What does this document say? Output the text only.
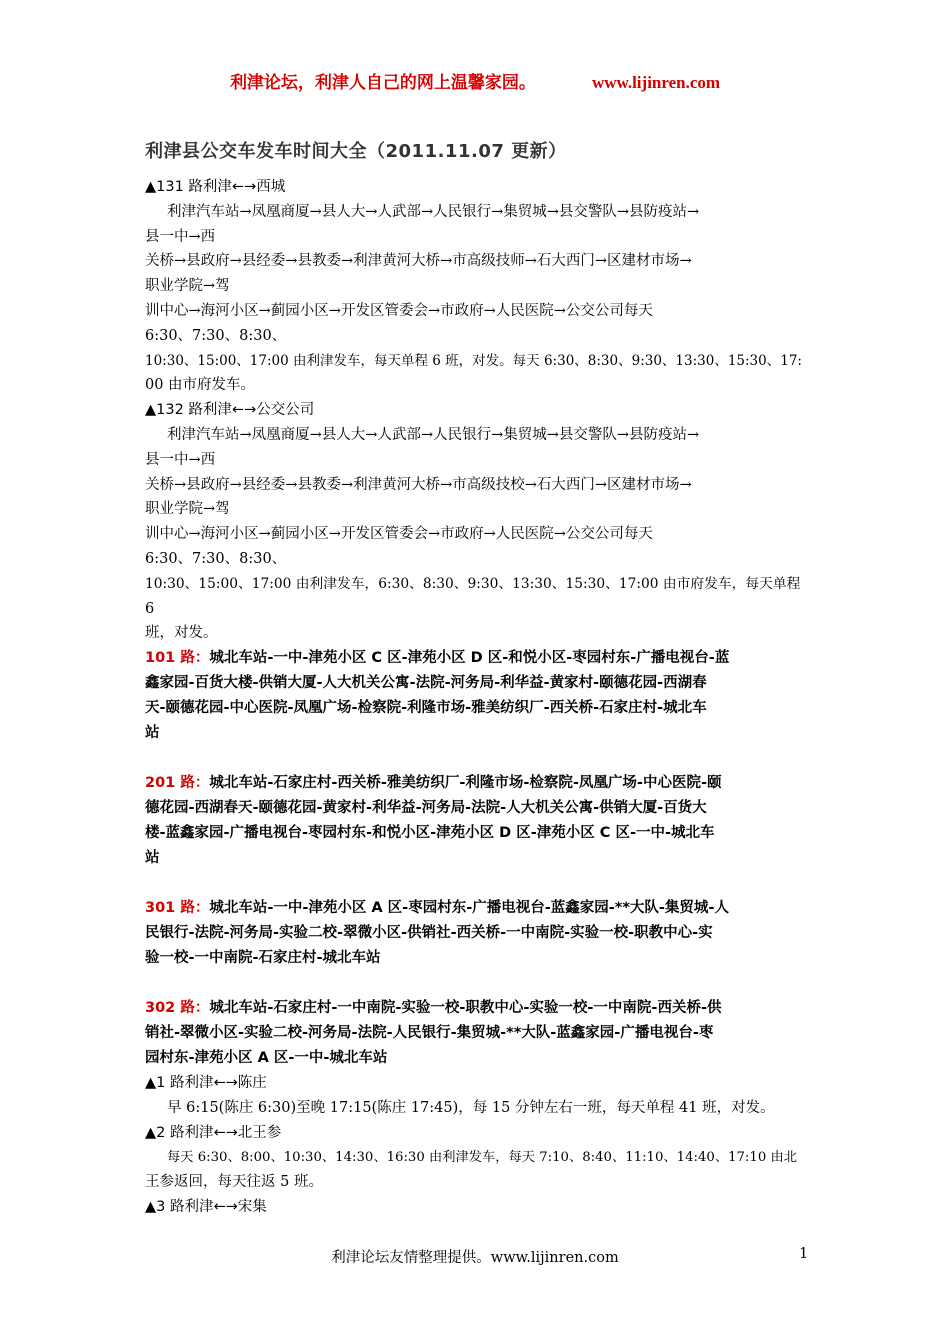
利津论坛，利津人自己的网上温馨家园。	www.lijinren.com
利津县公交车发车时间大全（2011.11.07 更新）
▲131 路利津←→西城
利津汽车站→凤凰商厦→县人大→人武部→人民银行→集贸城→县交警队→县防疫站→
县一中→西
关桥→县政府→县经委→县教委→利津黄河大桥→市高级技师→石大西门→区建材市场→
职业学院→驾
训中心→海河小区→蓟园小区→开发区管委会→市政府→人民医院→公交公司每天
6:30、7:30、8:30、
10:30、15:00、17:00 由利津发车，每天单程 6 班，对发。每天 6:30、8:30、9:30、13:30、15:30、17:
00 由市府发车。
▲132 路利津←→公交公司
利津汽车站→凤凰商厦→县人大→人武部→人民银行→集贸城→县交警队→县防疫站→
县一中→西
关桥→县政府→县经委→县教委→利津黄河大桥→市高级技校→石大西门→区建材市场→
职业学院→驾
训中心→海河小区→蓟园小区→开发区管委会→市政府→人民医院→公交公司每天
6:30、7:30、8:30、
10:30、15:00、17:00 由利津发车，6:30、8:30、9:30、13:30、15:30、17:00 由市府发车，每天单程
6
班，对发。
101 路：城北车站-一中-津苑小区 C 区-津苑小区 D 区-和悦小区-枣园村东-广播电视台-蓝
鑫家园-百货大楼-供销大厦-人大机关公寓-法院-河务局-利华益-黄家村-颐德花园-西湖春
天-颐德花园-中心医院-凤凰广场-检察院-利隆市场-雅美纺织厂-西关桥-石家庄村-城北车
站
201 路：城北车站-石家庄村-西关桥-雅美纺织厂-利隆市场-检察院-凤凰广场-中心医院-颐
德花园-西湖春天-颐德花园-黄家村-利华益-河务局-法院-人大机关公寓-供销大厦-百货大
楼-蓝鑫家园-广播电视台-枣园村东-和悦小区-津苑小区 D 区-津苑小区 C 区-一中-城北车
站
301 路：城北车站-一中-津苑小区 A 区-枣园村东-广播电视台-蓝鑫家园-**大队-集贸城-人
民银行-法院-河务局-实验二校-翠微小区-供销社-西关桥-一中南院-实验一校-职教中心-实
验一校-一中南院-石家庄村-城北车站
302 路：城北车站-石家庄村-一中南院-实验一校-职教中心-实验一校-一中南院-西关桥-供
销社-翠微小区-实验二校-河务局-法院-人民银行-集贸城-**大队-蓝鑫家园-广播电视台-枣
园村东-津苑小区 A 区-一中-城北车站
▲1 路利津←→陈庄
早 6:15(陈庄 6:30)至晚 17:15(陈庄 17:45)，每 15 分钟左右一班，每天单程 41 班，对发。
▲2 路利津←→北王参
每天 6:30、8:00、10:30、14:30、16:30 由利津发车，每天 7:10、8:40、11:10、14:40、17:10 由北
王参返回，每天往返 5 班。
▲3 路利津←→宋集
利津论坛友情整理提供。www.lijinren.com	1
